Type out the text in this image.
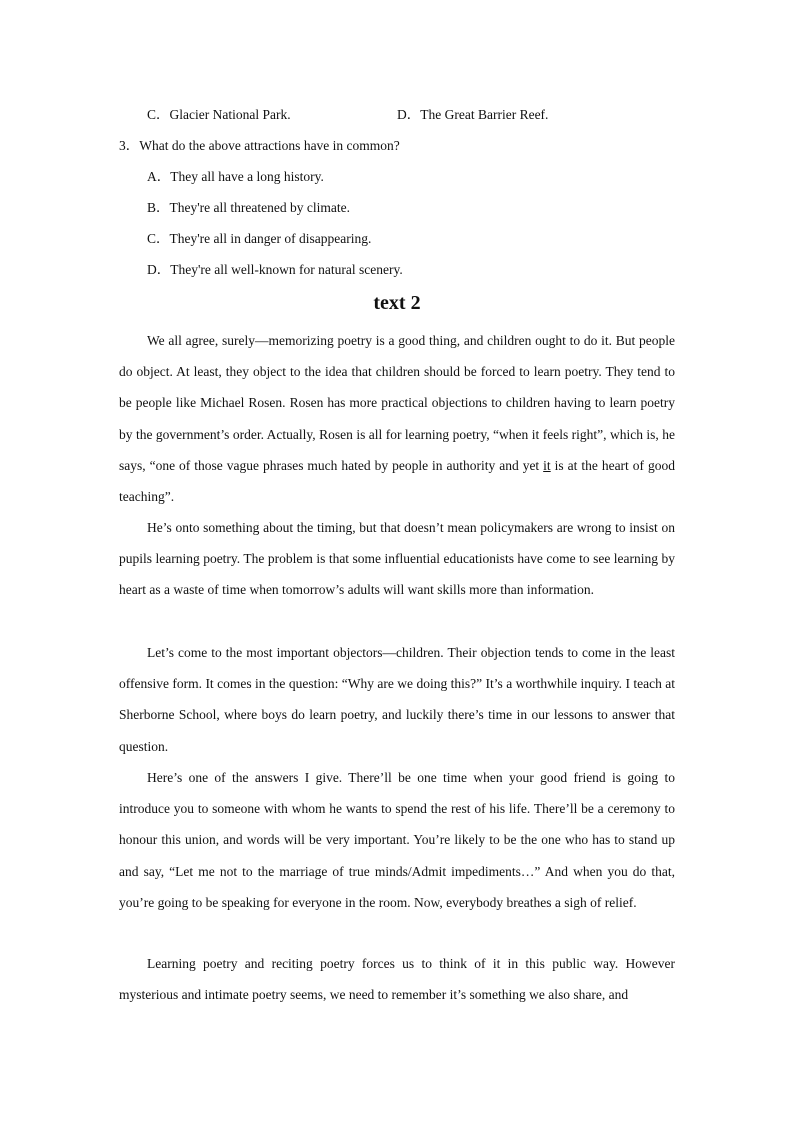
C．Glacier National Park.	D．The Great Barrier Reef.
3．What do the above attractions have in common?
A．They all have a long history.
B．They're all threatened by climate.
C．They're all in danger of disappearing.
D．They're all well-known for natural scenery.
text 2

We all agree, surely—memorizing poetry is a good thing, and children ought to do it. But people do object. At least, they object to the idea that children should be forced to learn poetry. They tend to be people like Michael Rosen. Rosen has more practical objections to children having to learn poetry by the government’s order. Actually, Rosen is all for learning poetry, “when it feels right”, which is, he says, “one of those vague phrases much hated by people in authority and yet it is at the heart of good teaching”.

He’s onto something about the timing, but that doesn’t mean policymakers are wrong to insist on pupils learning poetry. The problem is that some influential educationists have come to see learning by heart as a waste of time when tomorrow’s adults will want skills more than information.

Let’s come to the most important objectors—children. Their objection tends to come in the least offensive form. It comes in the question: “Why are we doing this?” It’s a worthwhile inquiry. I teach at Sherborne School, where boys do learn poetry, and luckily there’s time in our lessons to answer that question.

Here’s one of the answers I give. There’ll be one time when your good friend is going to introduce you to someone with whom he wants to spend the rest of his life. There’ll be a ceremony to honour this union, and words will be very important. You’re likely to be the one who has to stand up and say, “Let me not to the marriage of true minds/Admit impediments…” And when you do that, you’re going to be speaking for everyone in the room. Now, everybody breathes a sigh of relief.

Learning poetry and reciting poetry forces us to think of it in this public way. However mysterious and intimate poetry seems, we need to remember it’s something we also share, and
